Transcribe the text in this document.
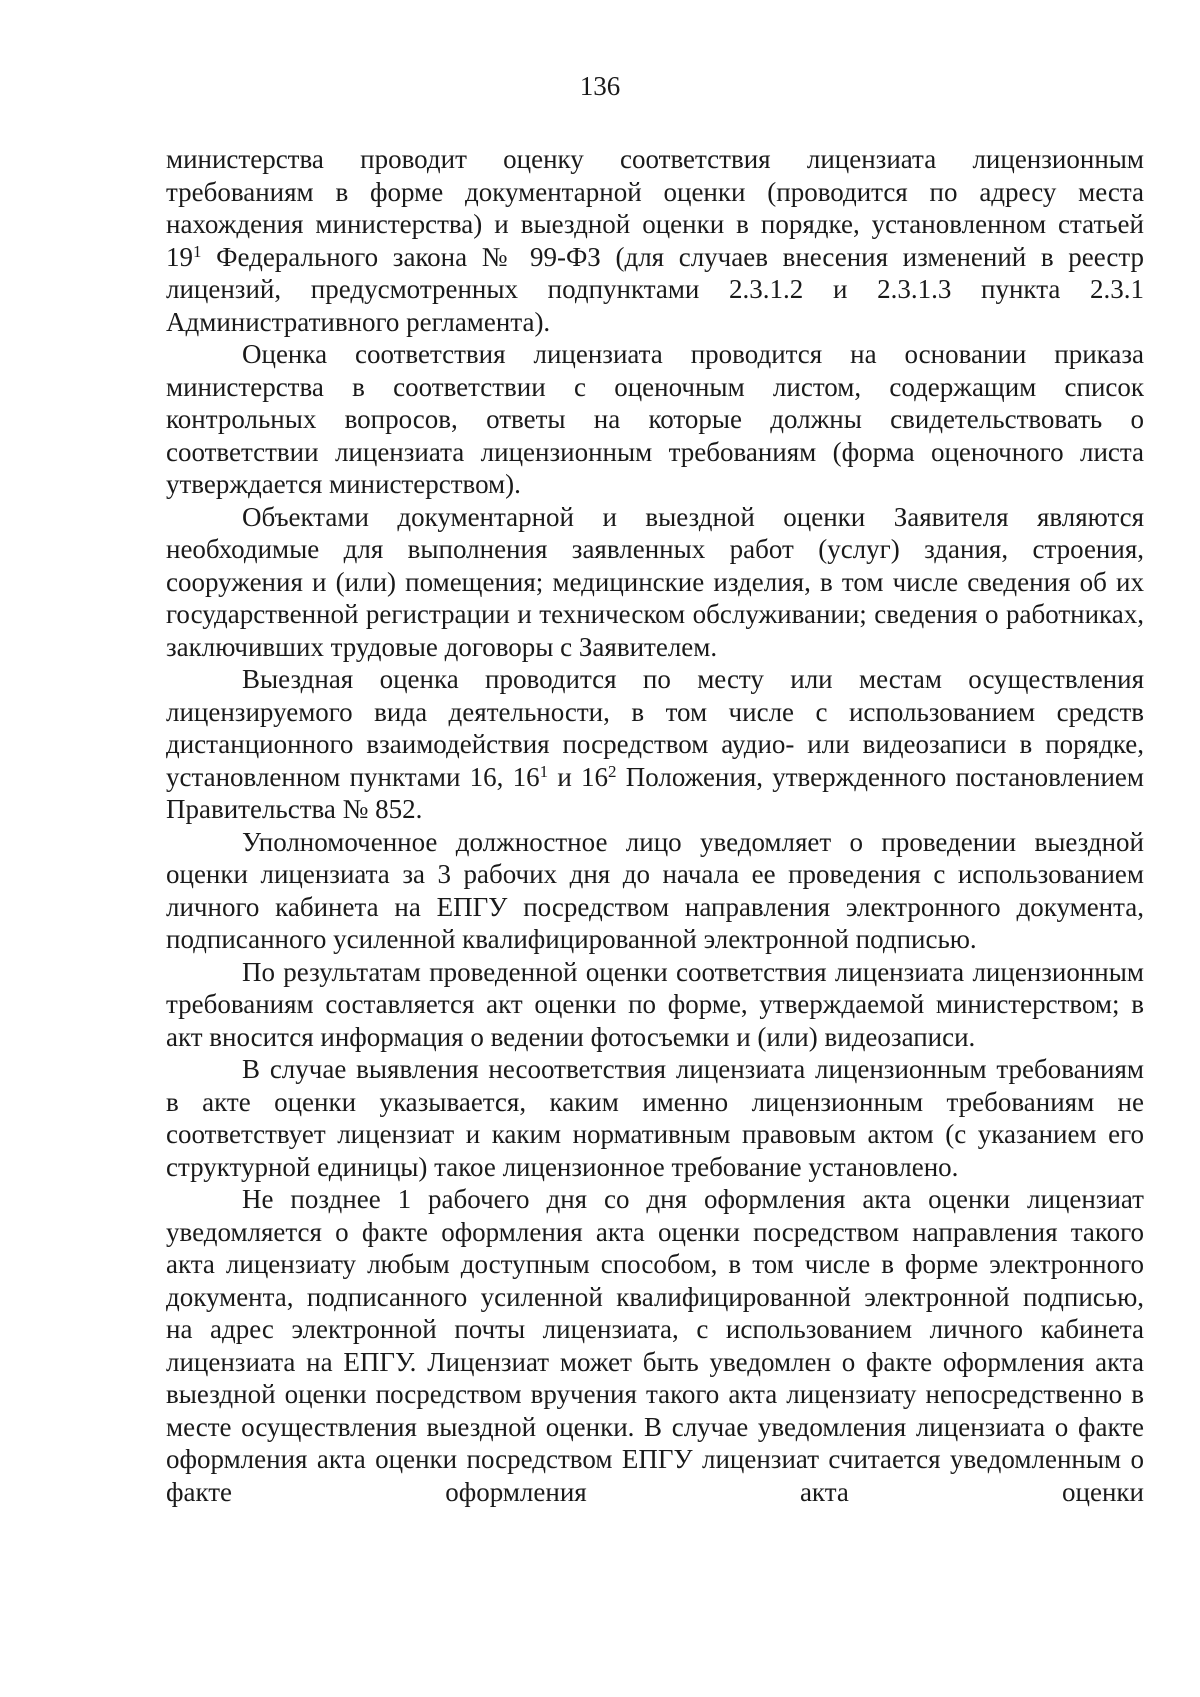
136

министерства проводит оценку соответствия лицензиата лицензионным требованиям в форме документарной оценки (проводится по адресу места нахождения министерства) и выездной оценки в порядке, установленном статьей $19^1$ Федерального закона № 99-ФЗ (для случаев внесения изменений в реестр лицензий, предусмотренных подпунктами 2.3.1.2 и 2.3.1.3 пункта 2.3.1 Административного регламента).

Оценка соответствия лицензиата проводится на основании приказа министерства в соответствии с оценочным листом, содержащим список контрольных вопросов, ответы на которые должны свидетельствовать о соответствии лицензиата лицензионным требованиям (форма оценочного листа утверждается министерством).

Объектами документарной и выездной оценки Заявителя являются необходимые для выполнения заявленных работ (услуг) здания, строения, сооружения и (или) помещения; медицинские изделия, в том числе сведения об их государственной регистрации и техническом обслуживании; сведения о работниках, заключивших трудовые договоры с Заявителем.

Выездная оценка проводится по месту или местам осуществления лицензируемого вида деятельности, в том числе с использованием средств дистанционного взаимодействия посредством аудио- или видеозаписи в порядке, установленном пунктами 16, $16^1$ и $16^2$ Положения, утвержденного постановлением Правительства № 852.

Уполномоченное должностное лицо уведомляет о проведении выездной оценки лицензиата за 3 рабочих дня до начала ее проведения с использованием личного кабинета на ЕПГУ посредством направления электронного документа, подписанного усиленной квалифицированной электронной подписью.

По результатам проведенной оценки соответствия лицензиата лицензионным требованиям составляется акт оценки по форме, утверждаемой министерством; в акт вносится информация о ведении фотосъемки и (или) видеозаписи.

В случае выявления несоответствия лицензиата лицензионным требованиям в акте оценки указывается, каким именно лицензионным требованиям не соответствует лицензиат и каким нормативным правовым актом (с указанием его структурной единицы) такое лицензионное требование установлено.

Не позднее 1 рабочего дня со дня оформления акта оценки лицензиат уведомляется о факте оформления акта оценки посредством направления такого акта лицензиату любым доступным способом, в том числе в форме электронного документа, подписанного усиленной квалифицированной электронной подписью, на адрес электронной почты лицензиата, с использованием личного кабинета лицензиата на ЕПГУ. Лицензиат может быть уведомлен о факте оформления акта выездной оценки посредством вручения такого акта лицензиату непосредственно в месте осуществления выездной оценки. В случае уведомления лицензиата о факте оформления акта оценки посредством ЕПГУ лицензиат считается уведомленным о факте оформления акта оценки
